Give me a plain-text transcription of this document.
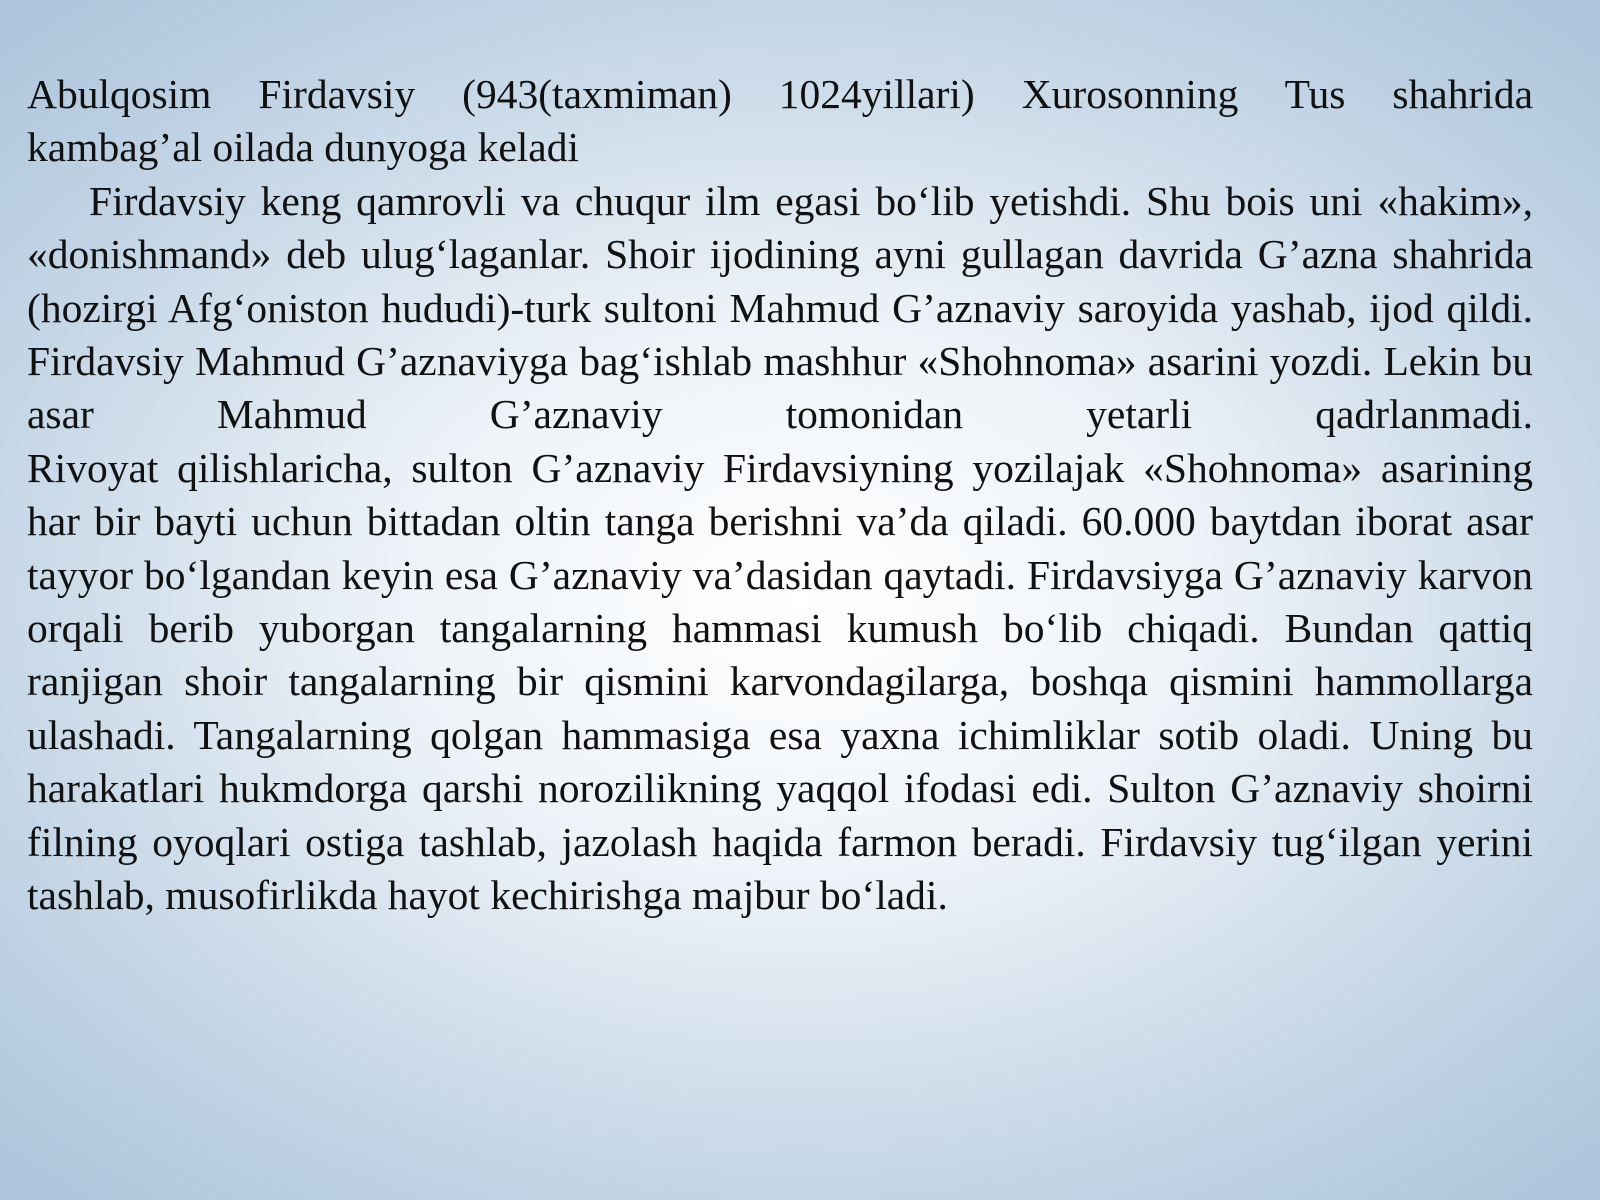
Abulqosim Firdavsiy (943(taxmiman) 1024yillari) Xurosonning Tus shahrida
kambag’al oilada dunyoga keladi

Firdavsiy keng qamrovli va chuqur ilm egasi bo‘lib yetishdi. Shu bois uni «hakim», «donishmand» deb ulug‘laganlar. Shoir ijodining ayni gullagan davrida G’azna shahrida (hozirgi Afg‘oniston hududi)-turk sultoni Mahmud G’aznaviy saroyida yashab, ijod qildi.

Firdavsiy Mahmud G’aznaviyga bag‘ishlab mashhur «Shohnoma» asarini yozdi. Lekin bu asar Mahmud G’aznaviy tomonidan yetarli qadrlanmadi.

Rivoyat qilishlaricha, sulton G’aznaviy Firdavsiyning yozilajak «Shohnoma» asarining har bir bayti uchun bittadan oltin tanga berishni va’da qiladi. 60.000 baytdan iborat asar tayyor bo‘lgandan keyin esa G’aznaviy va’dasidan qaytadi. Firdavsiyga G’aznaviy karvon orqali berib yuborgan tangalarning hammasi kumush bo‘lib chiqadi. Bundan qattiq ranjigan shoir tangalarning bir qismini karvondagilarga, boshqa qismini hammollarga ulashadi. Tangalarning qolgan hammasiga esa yaxna ichimliklar sotib oladi. Uning bu harakatlari hukmdorga qarshi norozilikning yaqqol ifodasi edi. Sulton G’aznaviy shoirni filning oyoqlari ostiga tashlab, jazolash haqida farmon beradi. Firdavsiy tug‘ilgan yerini tashlab, musofirlikda hayot kechirishga majbur bo‘ladi.
